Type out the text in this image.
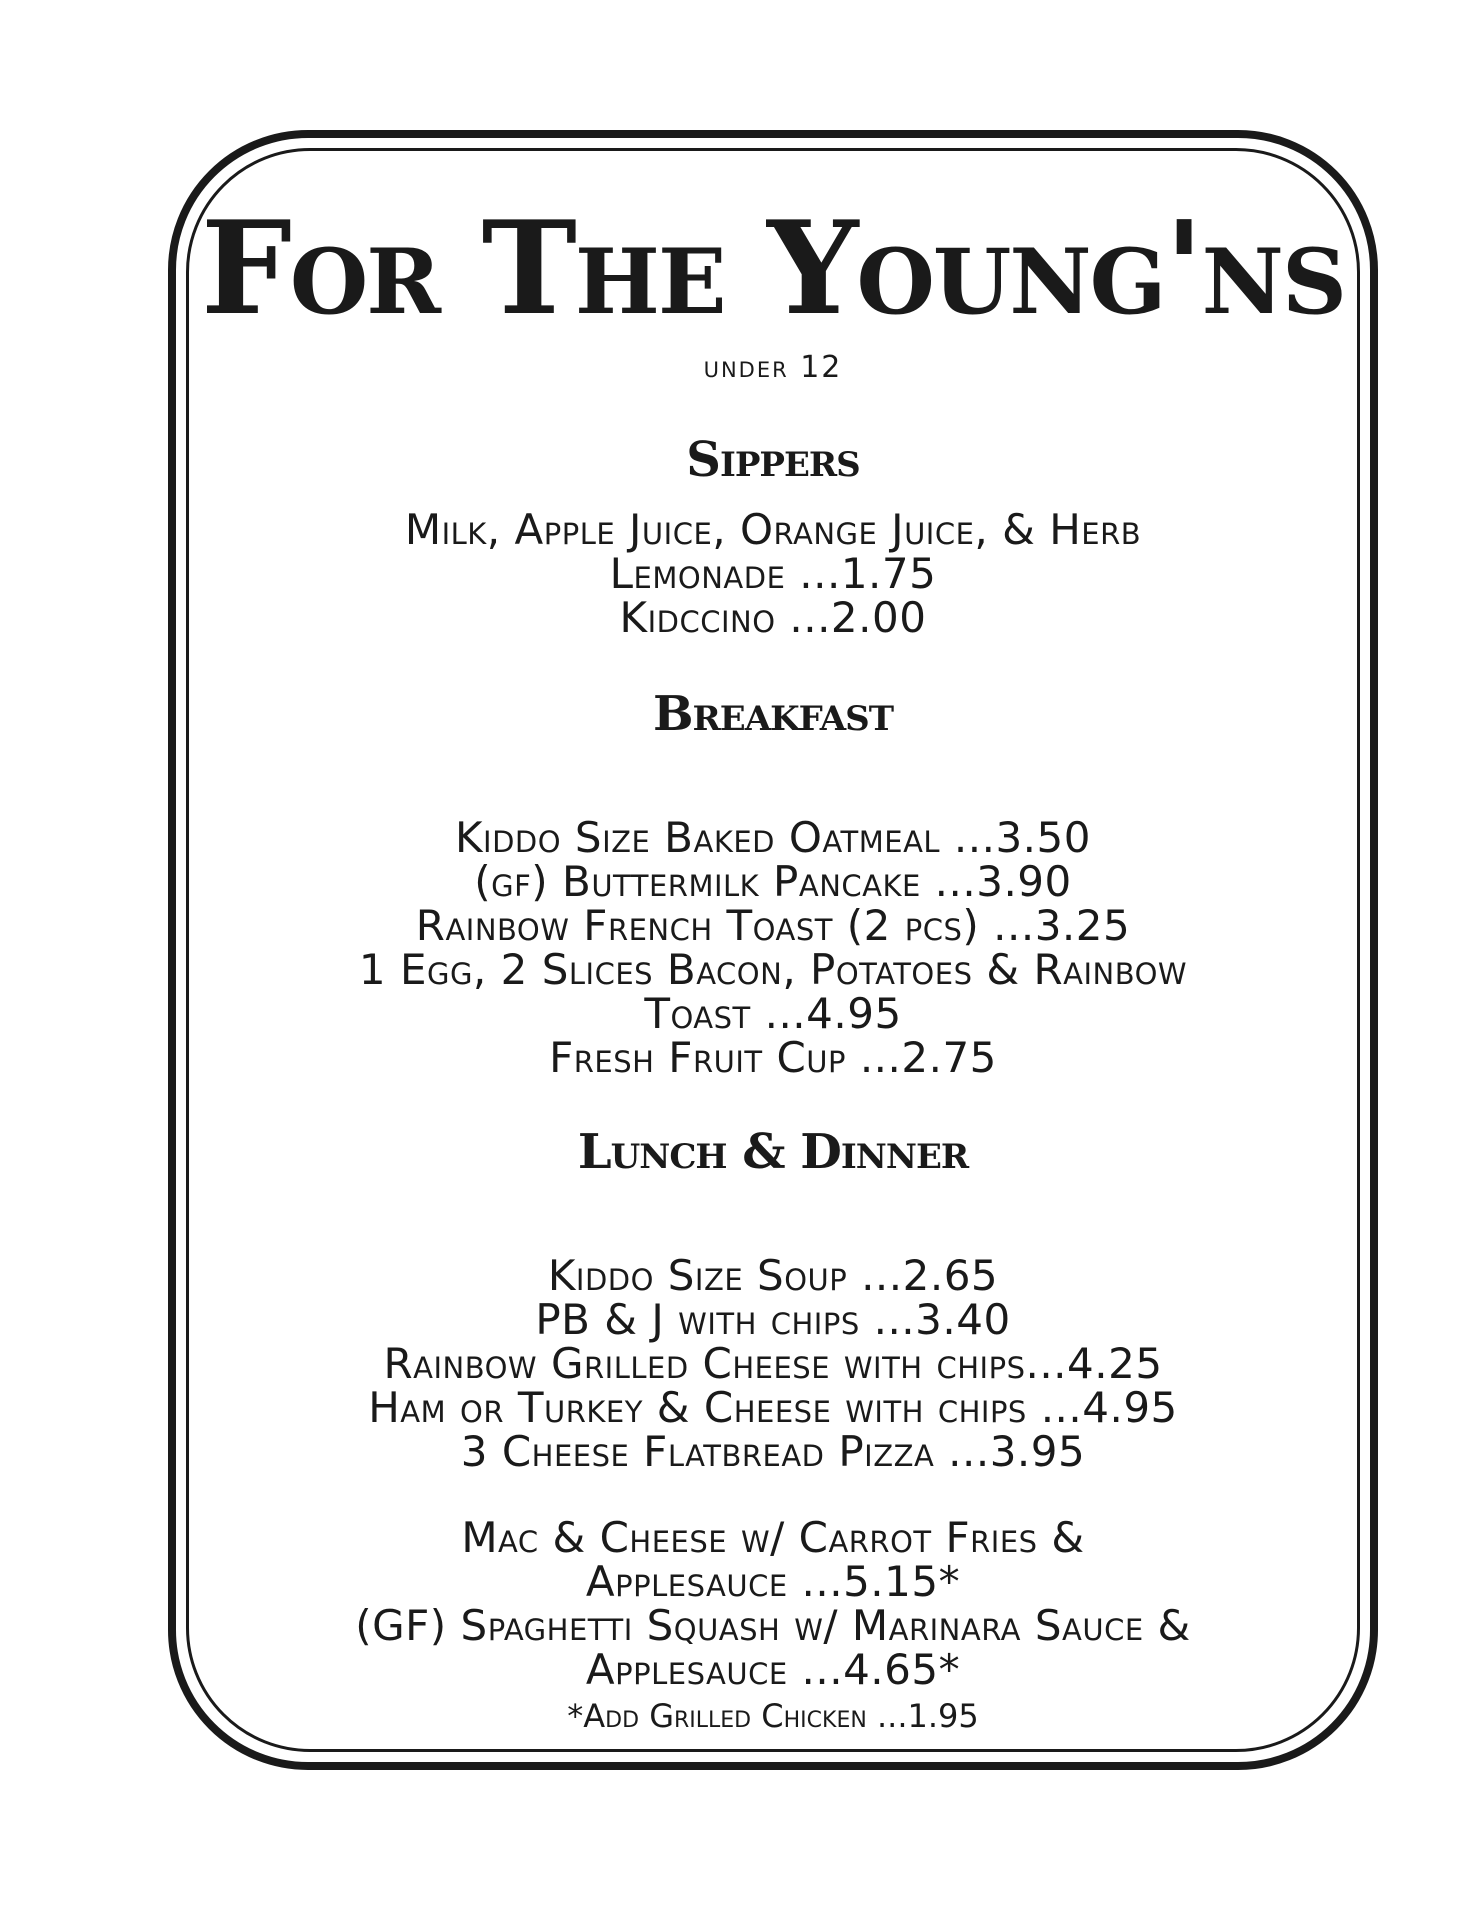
For The Young'ns
under 12
Sippers
Milk, Apple Juice, Orange Juice, & Herb
Lemonade ...1.75
Kidccino ...2.00
Breakfast
Kiddo Size Baked Oatmeal ...3.50
(gf) Buttermilk Pancake ...3.90
Rainbow French Toast (2 pcs) ...3.25
1 Egg, 2 Slices Bacon, Potatoes & Rainbow
Toast ...4.95
Fresh Fruit Cup ...2.75
Lunch & Dinner
Kiddo Size Soup ...2.65
PB & J with chips ...3.40
Rainbow Grilled Cheese with chips...4.25
Ham or Turkey & Cheese with chips ...4.95
3 Cheese Flatbread Pizza ...3.95
Mac & Cheese w/ Carrot Fries &
Applesauce ...5.15*
(GF) Spaghetti Squash w/ Marinara Sauce &
Applesauce ...4.65*
*Add Grilled Chicken ...1.95
